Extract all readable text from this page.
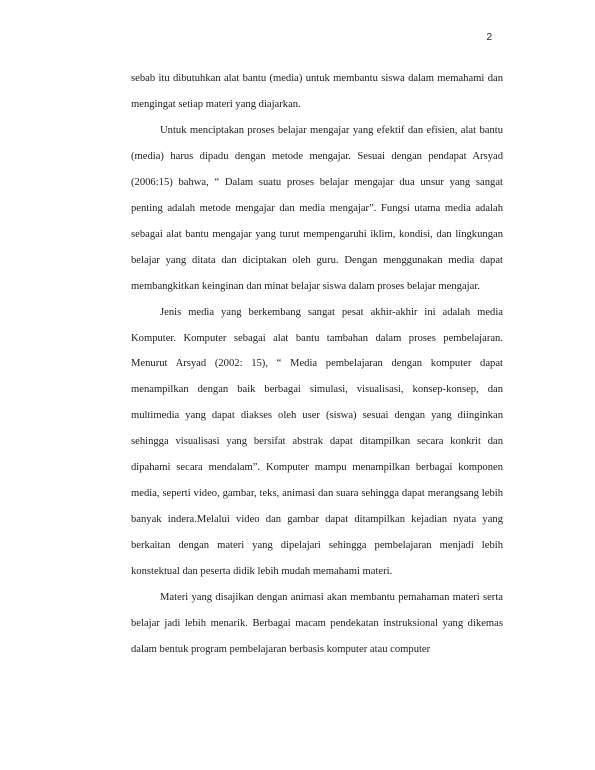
2

sebab itu dibutuhkan alat bantu (media) untuk membantu siswa dalam memahami dan mengingat setiap materi yang diajarkan.

Untuk menciptakan proses belajar mengajar yang efektif dan efisien, alat bantu (media) harus dipadu dengan metode mengajar. Sesuai dengan pendapat Arsyad (2006:15) bahwa, “ Dalam suatu proses belajar mengajar dua unsur yang sangat penting adalah metode mengajar dan media mengajar”. Fungsi utama media adalah sebagai alat bantu mengajar yang turut mempengaruhi iklim, kondisi, dan lingkungan belajar yang ditata dan diciptakan oleh guru. Dengan menggunakan media dapat membangkitkan keinginan dan minat belajar siswa dalam proses belajar mengajar.

Jenis media yang berkembang sangat pesat akhir-akhir ini adalah media Komputer. Komputer sebagai alat bantu tambahan dalam proses pembelajaran. Menurut Arsyad (2002: 15), “ Media pembelajaran dengan komputer dapat menampilkan dengan baik berbagai simulasi, visualisasi, konsep-konsep, dan multimedia yang dapat diakses oleh user (siswa) sesuai dengan yang diinginkan sehingga visualisasi yang bersifat abstrak dapat ditampilkan secara konkrit dan dipahami secara mendalam”. Komputer mampu menampilkan berbagai komponen media, seperti video, gambar, teks, animasi dan suara sehingga dapat merangsang lebih banyak indera.Melalui video dan gambar dapat ditampilkan kejadian nyata yang berkaitan dengan materi yang dipelajari sehingga pembelajaran menjadi lebih konstektual dan peserta didik lebih mudah memahami materi.

Materi yang disajikan dengan animasi akan membantu pemahaman materi serta belajar jadi lebih menarik. Berbagai macam pendekatan instruksional yang dikemas dalam bentuk program pembelajaran berbasis komputer atau computer
